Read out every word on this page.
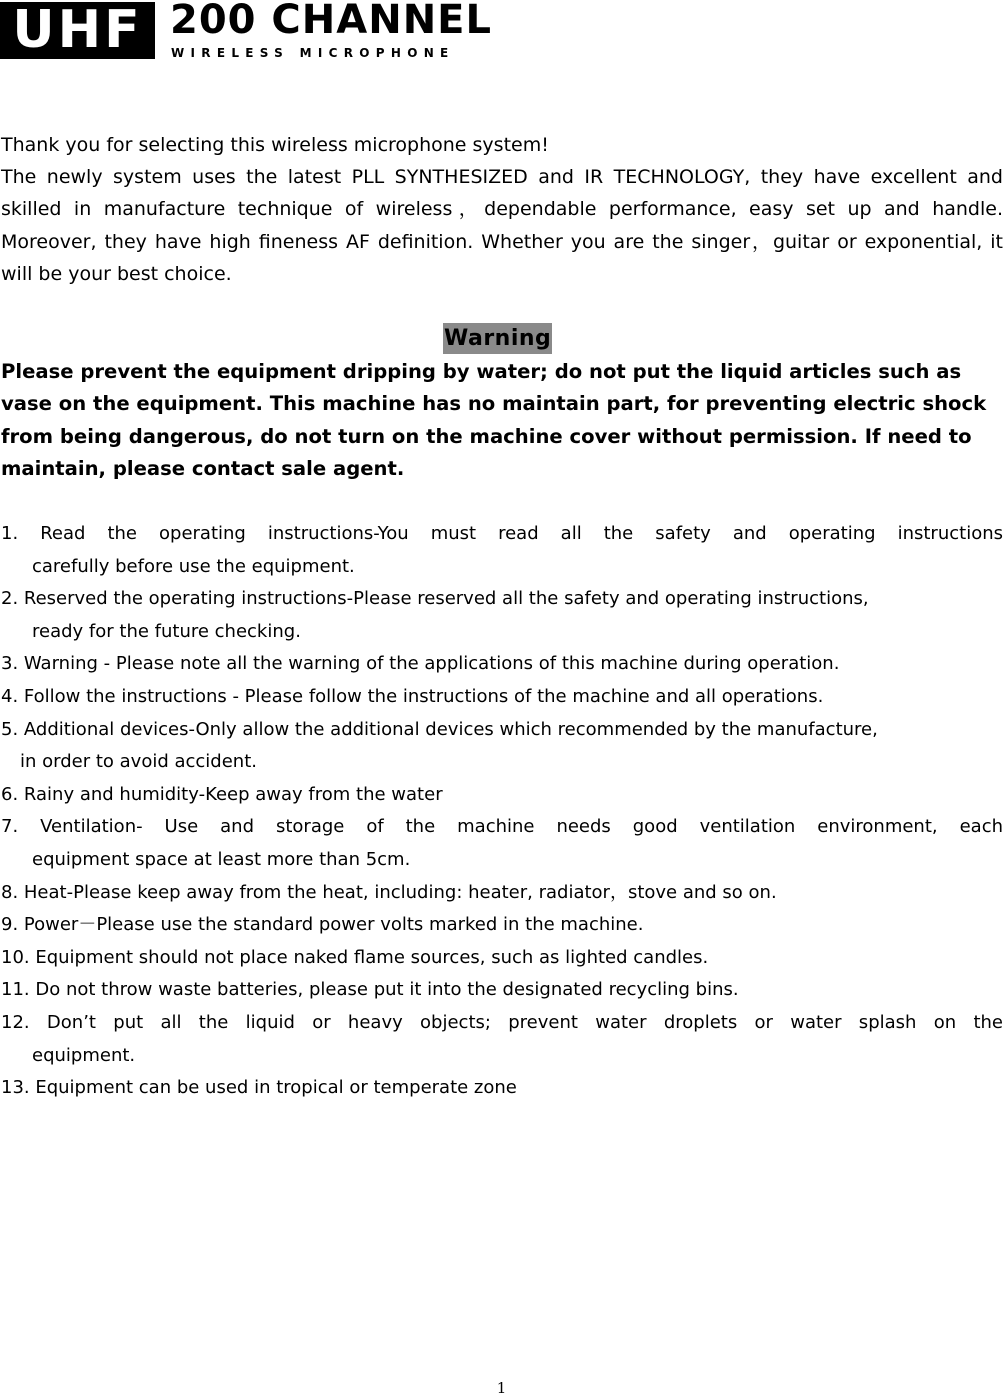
UHF 200 CHANNEL
WIRELESS MICROPHONE
Thank you for selecting this wireless microphone system!
The newly system uses the latest PLL SYNTHESIZED and IR TECHNOLOGY, they have excellent and skilled in manufacture technique of wireless，dependable performance, easy set up and handle. Moreover, they have high fineness AF definition. Whether you are the singer，guitar or exponential, it will be your best choice.
Warning
Please prevent the equipment dripping by water; do not put the liquid articles such as vase on the equipment. This machine has no maintain part, for preventing electric shock from being dangerous, do not turn on the machine cover without permission. If need to maintain, please contact sale agent.
1. Read the operating instructions-You must read all the safety and operating instructions
carefully before use the equipment.
2. Reserved the operating instructions-Please reserved all the safety and operating instructions,
ready for the future checking.
3. Warning - Please note all the warning of the applications of this machine during operation.
4. Follow the instructions - Please follow the instructions of the machine and all operations.
5. Additional devices-Only allow the additional devices which recommended by the manufacture,
in order to avoid accident.
6. Rainy and humidity-Keep away from the water
7. Ventilation- Use and storage of the machine needs good ventilation environment, each
equipment space at least more than 5cm.
8. Heat-Please keep away from the heat, including: heater, radiator，stove and so on.
9. Power－Please use the standard power volts marked in the machine.
10. Equipment should not place naked flame sources, such as lighted candles.
11. Do not throw waste batteries, please put it into the designated recycling bins.
12. Don’t put all the liquid or heavy objects; prevent water droplets or water splash on the
equipment.
13. Equipment can be used in tropical or temperate zone
1
